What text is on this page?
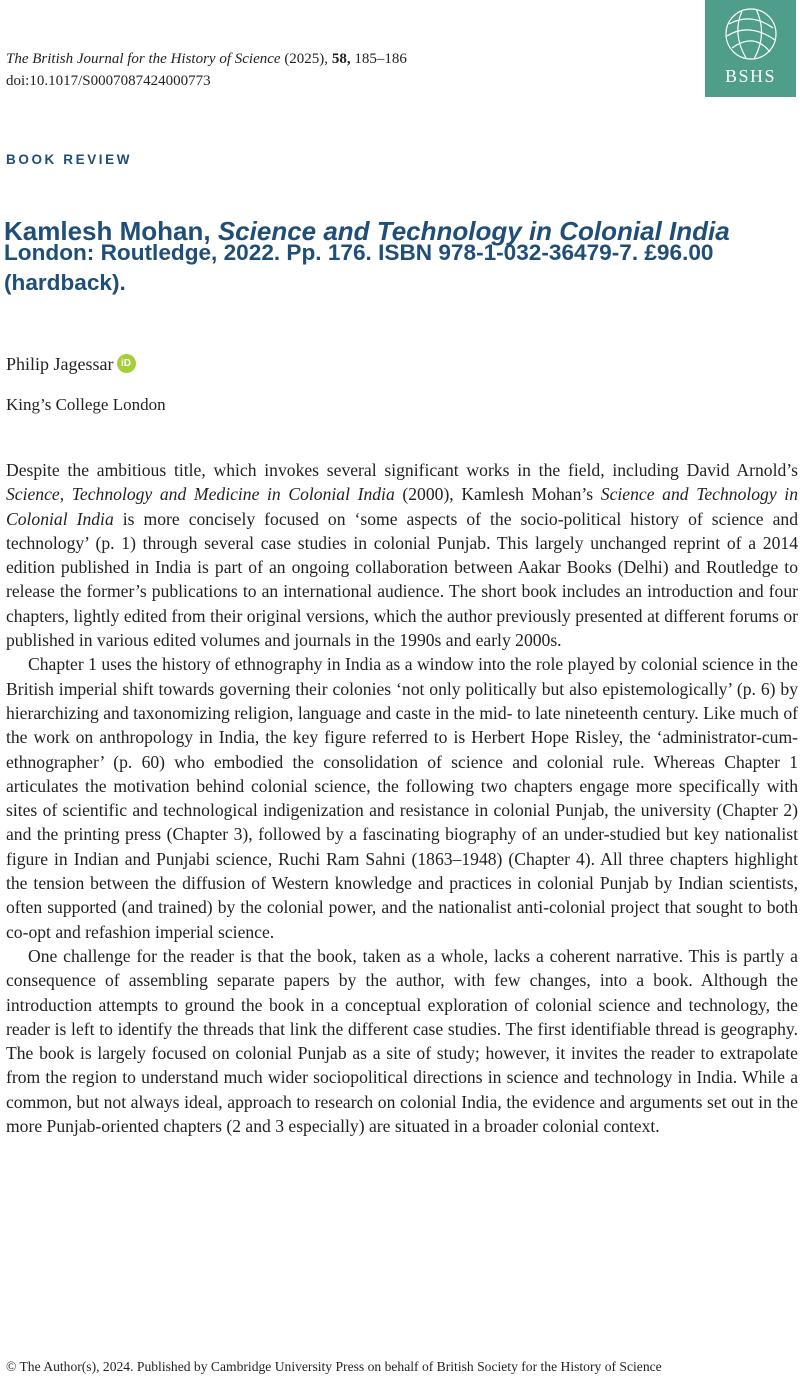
The British Journal for the History of Science (2025), 58, 185–186
doi:10.1017/S0007087424000773	BSHS
BOOK REVIEW
Kamlesh Mohan, Science and Technology in Colonial India
London: Routledge, 2022. Pp. 176. ISBN 978-1-032-36479-7. £96.00
(hardback).
Philip Jagessar iD
King’s College London

Despite the ambitious title, which invokes several significant works in the field, including David Arnold’s Science, Technology and Medicine in Colonial India (2000), Kamlesh Mohan’s Science and Technology in Colonial India is more concisely focused on ‘some aspects of the socio-political history of science and technology’ (p. 1) through several case studies in colonial Punjab. This largely unchanged reprint of a 2014 edition published in India is part of an ongoing collaboration between Aakar Books (Delhi) and Routledge to release the former’s publications to an international audience. The short book includes an introduction and four chapters, lightly edited from their original versions, which the author previously presented at different forums or published in various edited volumes and journals in the 1990s and early 2000s.

Chapter 1 uses the history of ethnography in India as a window into the role played by colonial science in the British imperial shift towards governing their colonies ‘not only politically but also epistemologically’ (p. 6) by hierarchizing and taxonomizing religion, language and caste in the mid- to late nineteenth century. Like much of the work on anthropology in India, the key figure referred to is Herbert Hope Risley, the ‘administrator-cum-ethnographer’ (p. 60) who embodied the consolidation of science and colonial rule. Whereas Chapter 1 articulates the motivation behind colonial science, the following two chapters engage more specifically with sites of scientific and technological indigenization and resistance in colonial Punjab, the university (Chapter 2) and the printing press (Chapter 3), followed by a fascinating biography of an under-studied but key nationalist figure in Indian and Punjabi science, Ruchi Ram Sahni (1863–1948) (Chapter 4). All three chapters highlight the tension between the diffusion of Western knowledge and practices in colonial Punjab by Indian scientists, often supported (and trained) by the colonial power, and the nationalist anti-colonial project that sought to both co-opt and refashion imperial science.

One challenge for the reader is that the book, taken as a whole, lacks a coherent narrative. This is partly a consequence of assembling separate papers by the author, with few changes, into a book. Although the introduction attempts to ground the book in a conceptual exploration of colonial science and technology, the reader is left to identify the threads that link the different case studies. The first identifiable thread is geography. The book is largely focused on colonial Punjab as a site of study; however, it invites the reader to extrapolate from the region to understand much wider sociopolitical directions in science and technology in India. While a common, but not always ideal, approach to research on colonial India, the evidence and arguments set out in the more Punjab-oriented chapters (2 and 3 especially) are situated in a broader colonial context.

© The Author(s), 2024. Published by Cambridge University Press on behalf of British Society for the History of Science
